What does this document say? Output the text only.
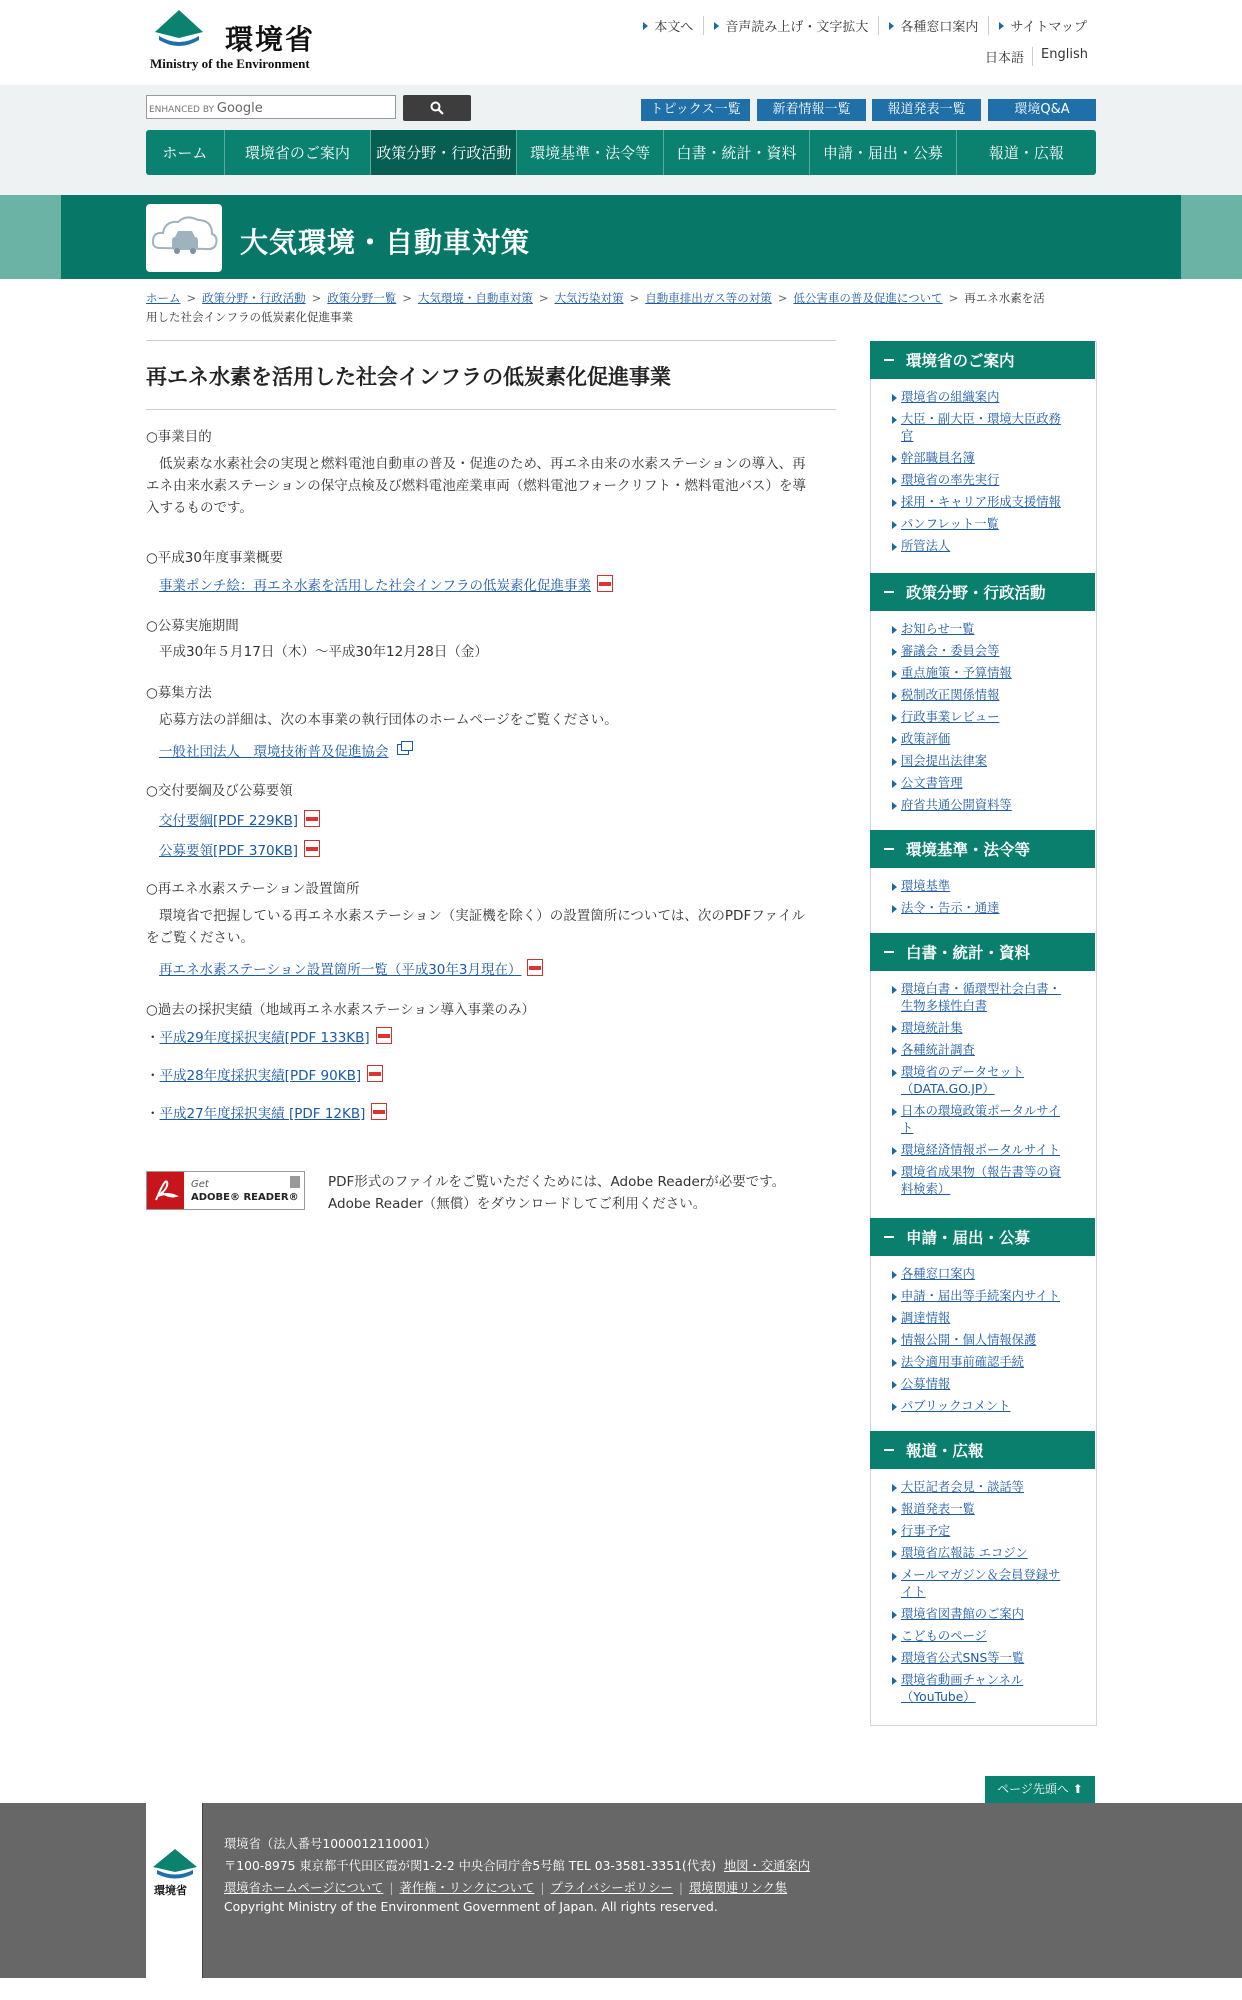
環境省
Ministry of the Environment
本文へ 音声読み上げ・文字拡大 各種窓口案内 サイトマップ
日本語	English
ENHANCED BY Google	トピックス一覧	新着情報一覧	報道発表一覧	環境Q&A
ホーム	環境省のご案内	政策分野・行政活動	環境基準・法令等	白書・統計・資料	申請・届出・公募	報道・広報
大気環境・自動車対策
ホーム > 政策分野・行政活動 > 政策分野一覧 > 大気環境・自動車対策 > 大気汚染対策 > 自動車排出ガス等の対策 > 低公害車の普及促進について > 再エネ水素を活
用した社会インフラの低炭素化促進事業
再エネ水素を活用した社会インフラの低炭素化促進事業
○事業目的
低炭素な水素社会の実現と燃料電池自動車の普及・促進のため、再エネ由来の水素ステーションの導入、再
エネ由来水素ステーションの保守点検及び燃料電池産業車両（燃料電池フォークリフト・燃料電池バス）を導
入するものです。
○平成30年度事業概要
事業ポンチ絵：再エネ水素を活用した社会インフラの低炭素化促進事業
○公募実施期間
平成30年５月17日（木）～平成30年12月28日（金）
○募集方法
応募方法の詳細は、次の本事業の執行団体のホームページをご覧ください。
一般社団法人　環境技術普及促進協会
○交付要綱及び公募要領
交付要綱[PDF 229KB]
公募要領[PDF 370KB]
○再エネ水素ステーション設置箇所
環境省で把握している再エネ水素ステーション（実証機を除く）の設置箇所については、次のPDFファイル
をご覧ください。
再エネ水素ステーション設置箇所一覧（平成30年3月現在）
○過去の採択実績（地域再エネ水素ステーション導入事業のみ）
・平成29年度採択実績[PDF 133KB]
・平成28年度採択実績[PDF 90KB]
・平成27年度採択実績 [PDF 12KB]
Get
ADOBE® READER®
PDF形式のファイルをご覧いただくためには、Adobe Readerが必要です。
Adobe Reader（無償）をダウンロードしてご利用ください。
環境省のご案内
環境省の組織案内
大臣・副大臣・環境大臣政務
官
幹部職員名簿
環境省の率先実行
採用・キャリア形成支援情報
パンフレット一覧
所管法人
政策分野・行政活動
お知らせ一覧
審議会・委員会等
重点施策・予算情報
税制改正関係情報
行政事業レビュー
政策評価
国会提出法律案
公文書管理
府省共通公開資料等
環境基準・法令等
環境基準
法令・告示・通達
白書・統計・資料
環境白書・循環型社会白書・
生物多様性白書
環境統計集
各種統計調査
環境省のデータセット
（DATA.GO.JP）
日本の環境政策ポータルサイ
ト
環境経済情報ポータルサイト
環境省成果物（報告書等の資
料検索）
申請・届出・公募
各種窓口案内
申請・届出等手続案内サイト
調達情報
情報公開・個人情報保護
法令適用事前確認手続
公募情報
パブリックコメント
報道・広報
大臣記者会見・談話等
報道発表一覧
行事予定
環境省広報誌 エコジン
メールマガジン＆会員登録サ
イト
環境省図書館のご案内
こどものページ
環境省公式SNS等一覧
環境省動画チャンネル
（YouTube）
ページ先頭へ ⬆
環境省
環境省（法人番号1000012110001）
〒100-8975 東京都千代田区霞が関1-2-2 中央合同庁舎5号館 TEL 03-3581-3351(代表) 地図・交通案内
環境省ホームページについて | 著作権・リンクについて | プライバシーポリシー | 環境関連リンク集
Copyright Ministry of the Environment Government of Japan. All rights reserved.
